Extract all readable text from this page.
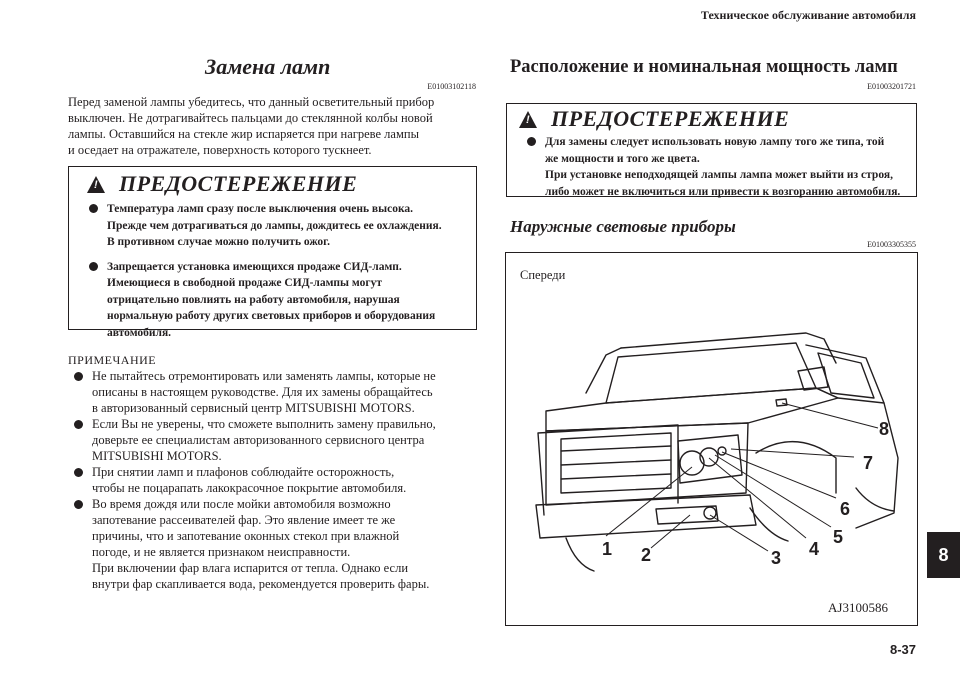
Техническое обслуживание автомобиля
Замена ламп
E01003102118
Перед заменой лампы убедитесь, что данный осветительный прибор
выключен. Не дотрагивайтесь пальцами до стеклянной колбы новой
лампы. Оставшийся на стекле жир испаряется при нагреве лампы
и оседает на отражателе, поверхность которого тускнеет.
!ПРЕДОСТЕРЕЖЕНИЕ
Температура ламп сразу после выключения очень высока.
Прежде чем дотрагиваться до лампы, дождитесь ее охлаждения.
В противном случае можно получить ожог.
Запрещается установка имеющихся продаже СИД-ламп.
Имеющиеся в свободной продаже СИД-лампы могут
отрицательно повлиять на работу автомобиля, нарушая
нормальную работу других световых приборов и оборудования
автомобиля.
ПРИМЕЧАНИЕ
Не пытайтесь отремонтировать или заменять лампы, которые не
описаны в настоящем руководстве. Для их замены обращайтесь
в авторизованный сервисный центр MITSUBISHI MOTORS.
Если Вы не уверены, что сможете выполнить замену правильно,
доверьте ее специалистам авторизованного сервисного центра
MITSUBISHI MOTORS.
При снятии ламп и плафонов соблюдайте осторожность,
чтобы не поцарапать лакокрасочное покрытие автомобиля.
Во время дождя или после мойки автомобиля возможно
запотевание рассеивателей фар. Это явление имеет те же
причины, что и запотевание оконных стекол при влажной
погоде, и не является признаком неисправности.
При включении фар влага испарится от тепла. Однако если
внутри фар скапливается вода, рекомендуется проверить фары.
Расположение и номинальная мощность ламп
E01003201721
!ПРЕДОСТЕРЕЖЕНИЕ
Для замены следует использовать новую лампу того же типа, той
же мощности и того же цвета.
При установке неподходящей лампы лампа может выйти из строя,
либо может не включиться или привести к возгоранию автомобиля.
Наружные световые приборы
E01003305355
Спереди
1 2	3 4
5
6
7
8
AJ3100586
8
8-37
